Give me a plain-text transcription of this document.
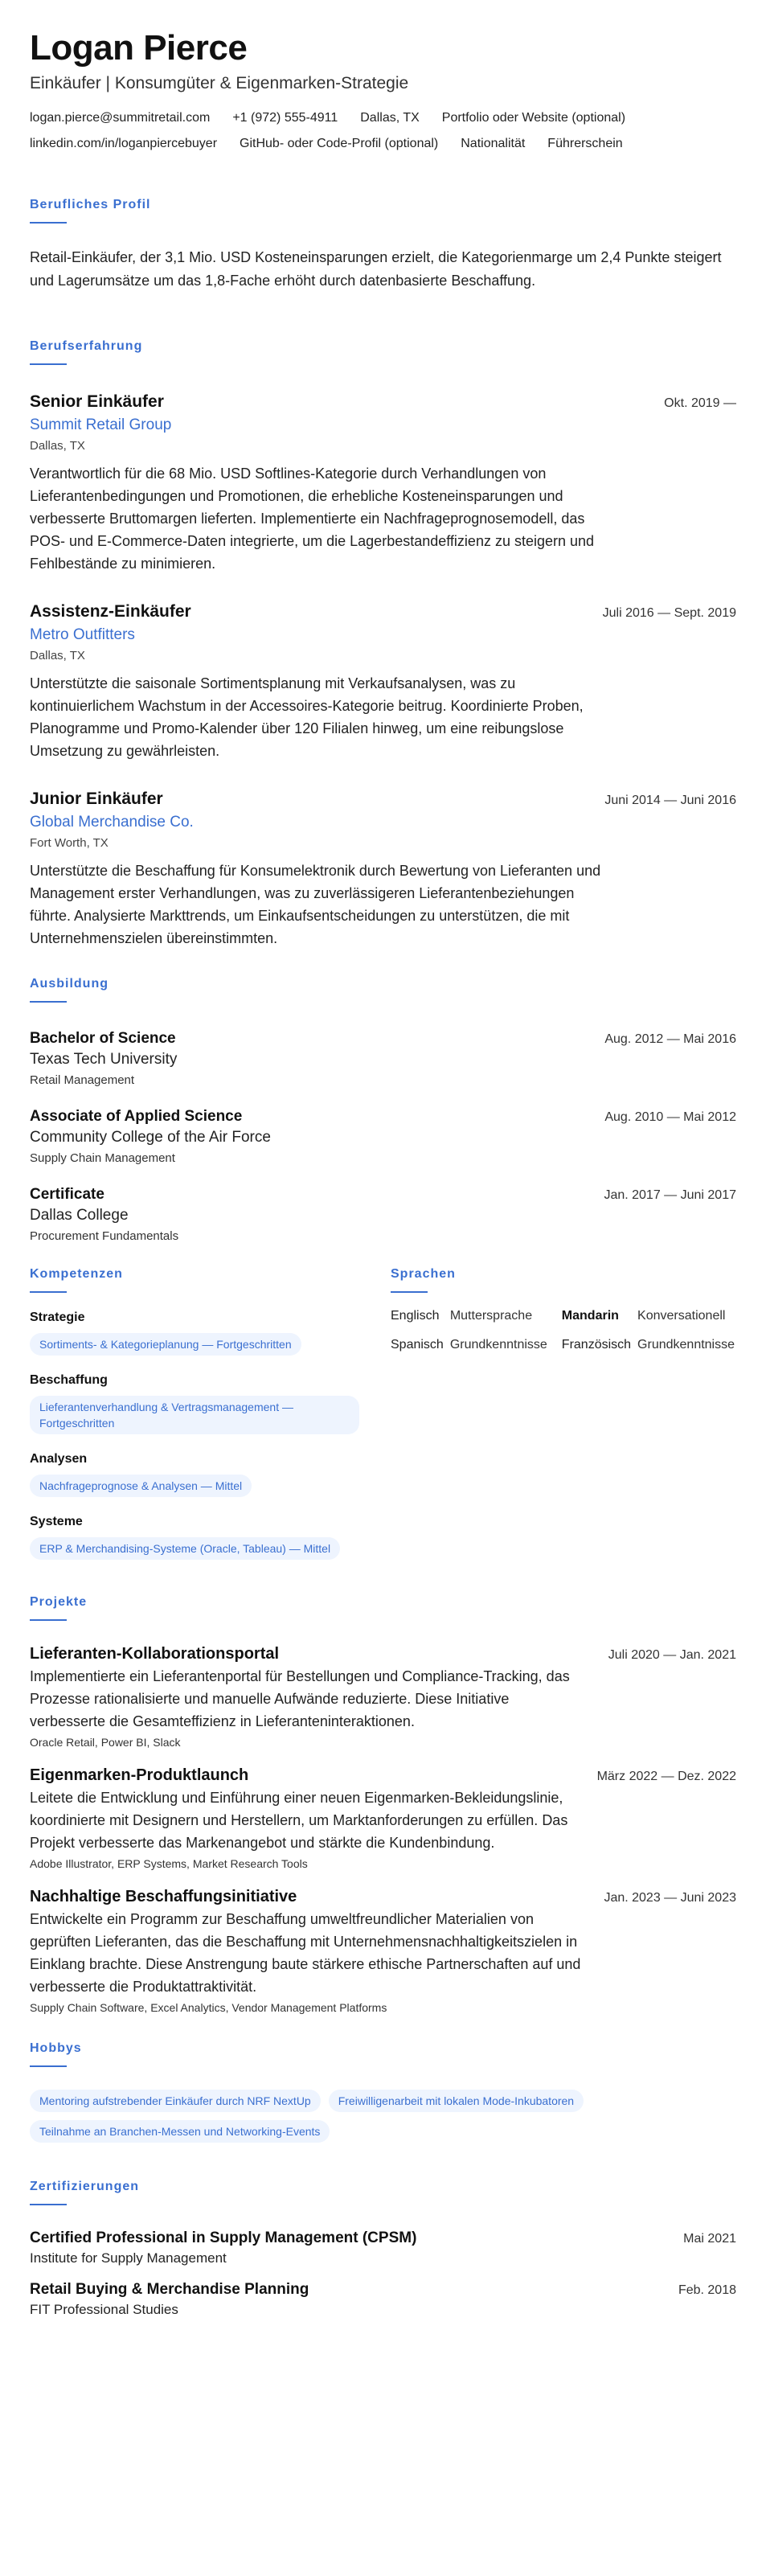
Logan Pierce
Einkäufer | Konsumgüter & Eigenmarken-Strategie
logan.pierce@summitretail.com +1 (972) 555-4911 Dallas, TX Portfolio oder Website (optional)
linkedin.com/in/loganpiercebuyer GitHub- oder Code-Profil (optional) Nationalität Führerschein
Berufliches Profil
Retail-Einkäufer, der 3,1 Mio. USD Kosteneinsparungen erzielt, die Kategorienmarge um 2,4 Punkte steigert und Lagerumsätze um das 1,8-Fache erhöht durch datenbasierte Beschaffung.
Berufserfahrung
Senior Einkäufer	Okt. 2019 —
Summit Retail Group
Dallas, TX
Verantwortlich für die 68 Mio. USD Softlines-Kategorie durch Verhandlungen von Lieferantenbedingungen und Promotionen, die erhebliche Kosteneinsparungen und verbesserte Bruttomargen lieferten. Implementierte ein Nachfrageprognosemodell, das POS- und E-Commerce-Daten integrierte, um die Lagerbestandeffizienz zu steigern und Fehlbestände zu minimieren.
Assistenz-Einkäufer	Juli 2016 — Sept. 2019
Metro Outfitters
Dallas, TX
Unterstützte die saisonale Sortimentsplanung mit Verkaufsanalysen, was zu kontinuierlichem Wachstum in der Accessoires-Kategorie beitrug. Koordinierte Proben, Planogramme und Promo-Kalender über 120 Filialen hinweg, um eine reibungslose Umsetzung zu gewährleisten.
Junior Einkäufer	Juni 2014 — Juni 2016
Global Merchandise Co.
Fort Worth, TX
Unterstützte die Beschaffung für Konsumelektronik durch Bewertung von Lieferanten und Management erster Verhandlungen, was zu zuverlässigeren Lieferantenbeziehungen führte. Analysierte Markttrends, um Einkaufsentscheidungen zu unterstützen, die mit Unternehmenszielen übereinstimmten.
Ausbildung
Bachelor of Science	Aug. 2012 — Mai 2016
Texas Tech University
Retail Management
Associate of Applied Science	Aug. 2010 — Mai 2012
Community College of the Air Force
Supply Chain Management
Certificate	Jan. 2017 — Juni 2017
Dallas College
Procurement Fundamentals
Kompetenzen
Strategie
Sortiments- & Kategorieplanung — Fortgeschritten
Beschaffung
Lieferantenverhandlung & Vertragsmanagement — Fortgeschritten
Analysen
Nachfrageprognose & Analysen — Mittel
Systeme
ERP & Merchandising-Systeme (Oracle, Tableau) — Mittel
Sprachen
Englisch Muttersprache	Mandarin	Konversationell
Spanisch Grundkenntnisse Französisch Grundkenntnisse
Projekte
Lieferanten-Kollaborationsportal	Juli 2020 — Jan. 2021
Implementierte ein Lieferantenportal für Bestellungen und Compliance-Tracking, das Prozesse rationalisierte und manuelle Aufwände reduzierte. Diese Initiative verbesserte die Gesamteffizienz in Lieferanteninteraktionen.
Oracle Retail, Power BI, Slack
Eigenmarken-Produktlaunch	März 2022 — Dez. 2022
Leitete die Entwicklung und Einführung einer neuen Eigenmarken-Bekleidungslinie, koordinierte mit Designern und Herstellern, um Marktanforderungen zu erfüllen. Das Projekt verbesserte das Markenangebot und stärkte die Kundenbindung.
Adobe Illustrator, ERP Systems, Market Research Tools
Nachhaltige Beschaffungsinitiative	Jan. 2023 — Juni 2023
Entwickelte ein Programm zur Beschaffung umweltfreundlicher Materialien von geprüften Lieferanten, das die Beschaffung mit Unternehmensnachhaltigkeitszielen in Einklang brachte. Diese Anstrengung baute stärkere ethische Partnerschaften auf und verbesserte die Produktattraktivität.
Supply Chain Software, Excel Analytics, Vendor Management Platforms
Hobbys
Mentoring aufstrebender Einkäufer durch NRF NextUp	Freiwilligenarbeit mit lokalen Mode-Inkubatoren
Teilnahme an Branchen-Messen und Networking-Events
Zertifizierungen
Certified Professional in Supply Management (CPSM)	Mai 2021
Institute for Supply Management
Retail Buying & Merchandise Planning	Feb. 2018
FIT Professional Studies
